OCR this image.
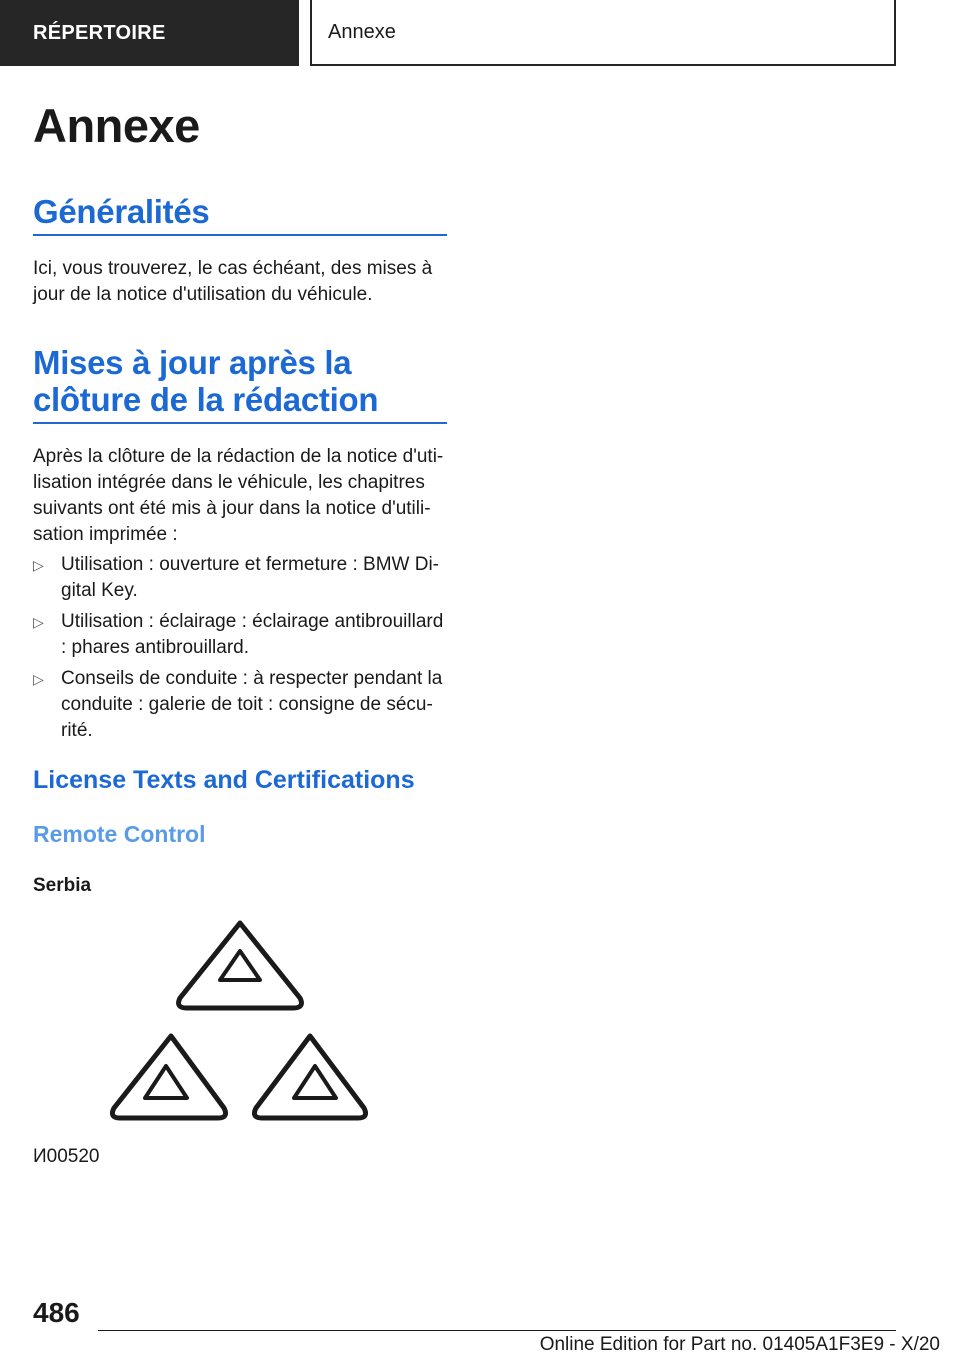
RÉPERTOIRE	Annexe
Annexe
Généralités

Ici, vous trouverez, le cas échéant, des mises à jour de la notice d'utilisation du véhicule.

Mises à jour après la
clôture de la rédaction

Après la clôture de la rédaction de la notice d'uti-lisation intégrée dans le véhicule, les chapitres suivants ont été mis à jour dans la notice d'utili-sation imprimée :

▷ Utilisation : ouverture et fermeture : BMW Di-gital Key.
▷ Utilisation : éclairage : éclairage antibrouillard : phares antibrouillard.
▷ Conseils de conduite : à respecter pendant la conduite : galerie de toit : consigne de sécu-rité.
License Texts and Certifications
Remote Control
Serbia
И00520
486
Online Edition for Part no. 01405A1F3E9 - X/20
